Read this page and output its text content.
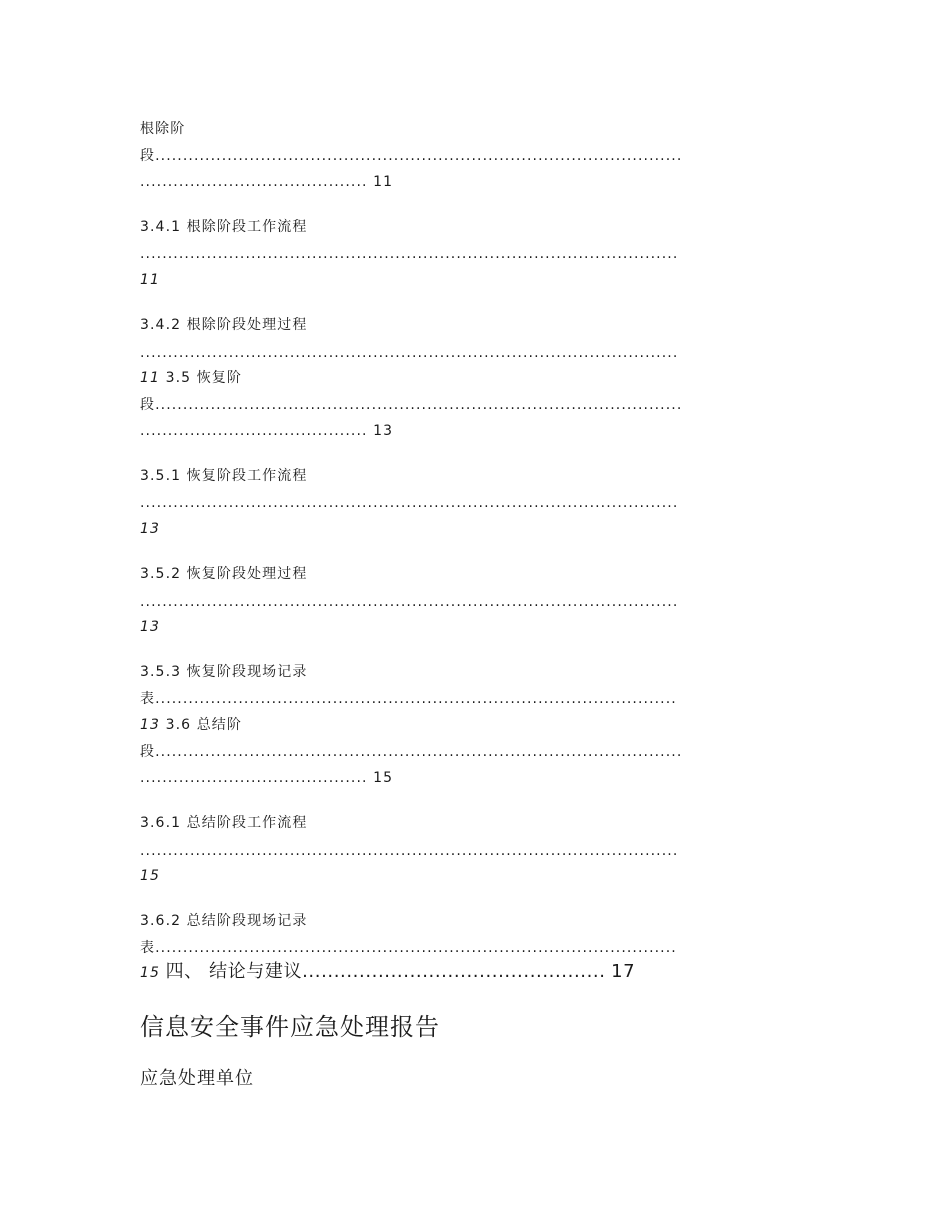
根除阶
段...............................................................................................
......................................... 11
3.4.1 根除阶段工作流程
.................................................................................................
11
3.4.2 根除阶段处理过程
.................................................................................................
11 3.5 恢复阶
段...............................................................................................
......................................... 13
3.5.1 恢复阶段工作流程
.................................................................................................
13
3.5.2 恢复阶段处理过程
.................................................................................................
13
3.5.3 恢复阶段现场记录
表..............................................................................................
13 3.6 总结阶
段...............................................................................................
......................................... 15
3.6.1 总结阶段工作流程
.................................................................................................
15
3.6.2 总结阶段现场记录
表..............................................................................................
15 四、 结论与建议................................................ 17
信息安全事件应急处理报告
应急处理单位
